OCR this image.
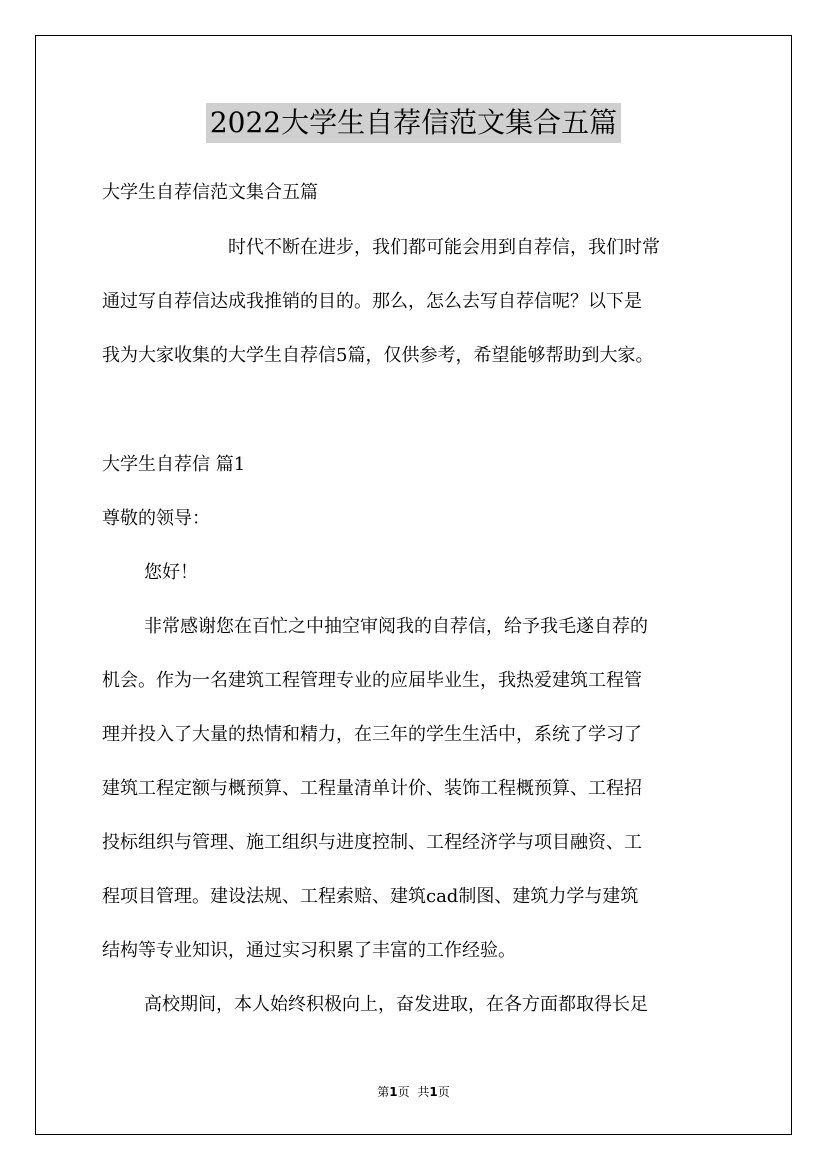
2022大学生自荐信范文集合五篇
大学生自荐信范文集合五篇
时代不断在进步，我们都可能会用到自荐信，我们时常
通过写自荐信达成我推销的目的。那么，怎么去写自荐信呢？以下是
我为大家收集的大学生自荐信5篇，仅供参考，希望能够帮助到大家。
大学生自荐信 篇1
尊敬的领导：
您好！
非常感谢您在百忙之中抽空审阅我的自荐信，给予我毛遂自荐的
机会。作为一名建筑工程管理专业的应届毕业生，我热爱建筑工程管
理并投入了大量的热情和精力，在三年的学生生活中，系统了学习了
建筑工程定额与概预算、工程量清单计价、装饰工程概预算、工程招
投标组织与管理、施工组织与进度控制、工程经济学与项目融资、工
程项目管理。建设法规、工程索赔、建筑cad制图、建筑力学与建筑
结构等专业知识，通过实习积累了丰富的工作经验。
高校期间，本人始终积极向上，奋发进取，在各方面都取得长足
第1页 共1页
